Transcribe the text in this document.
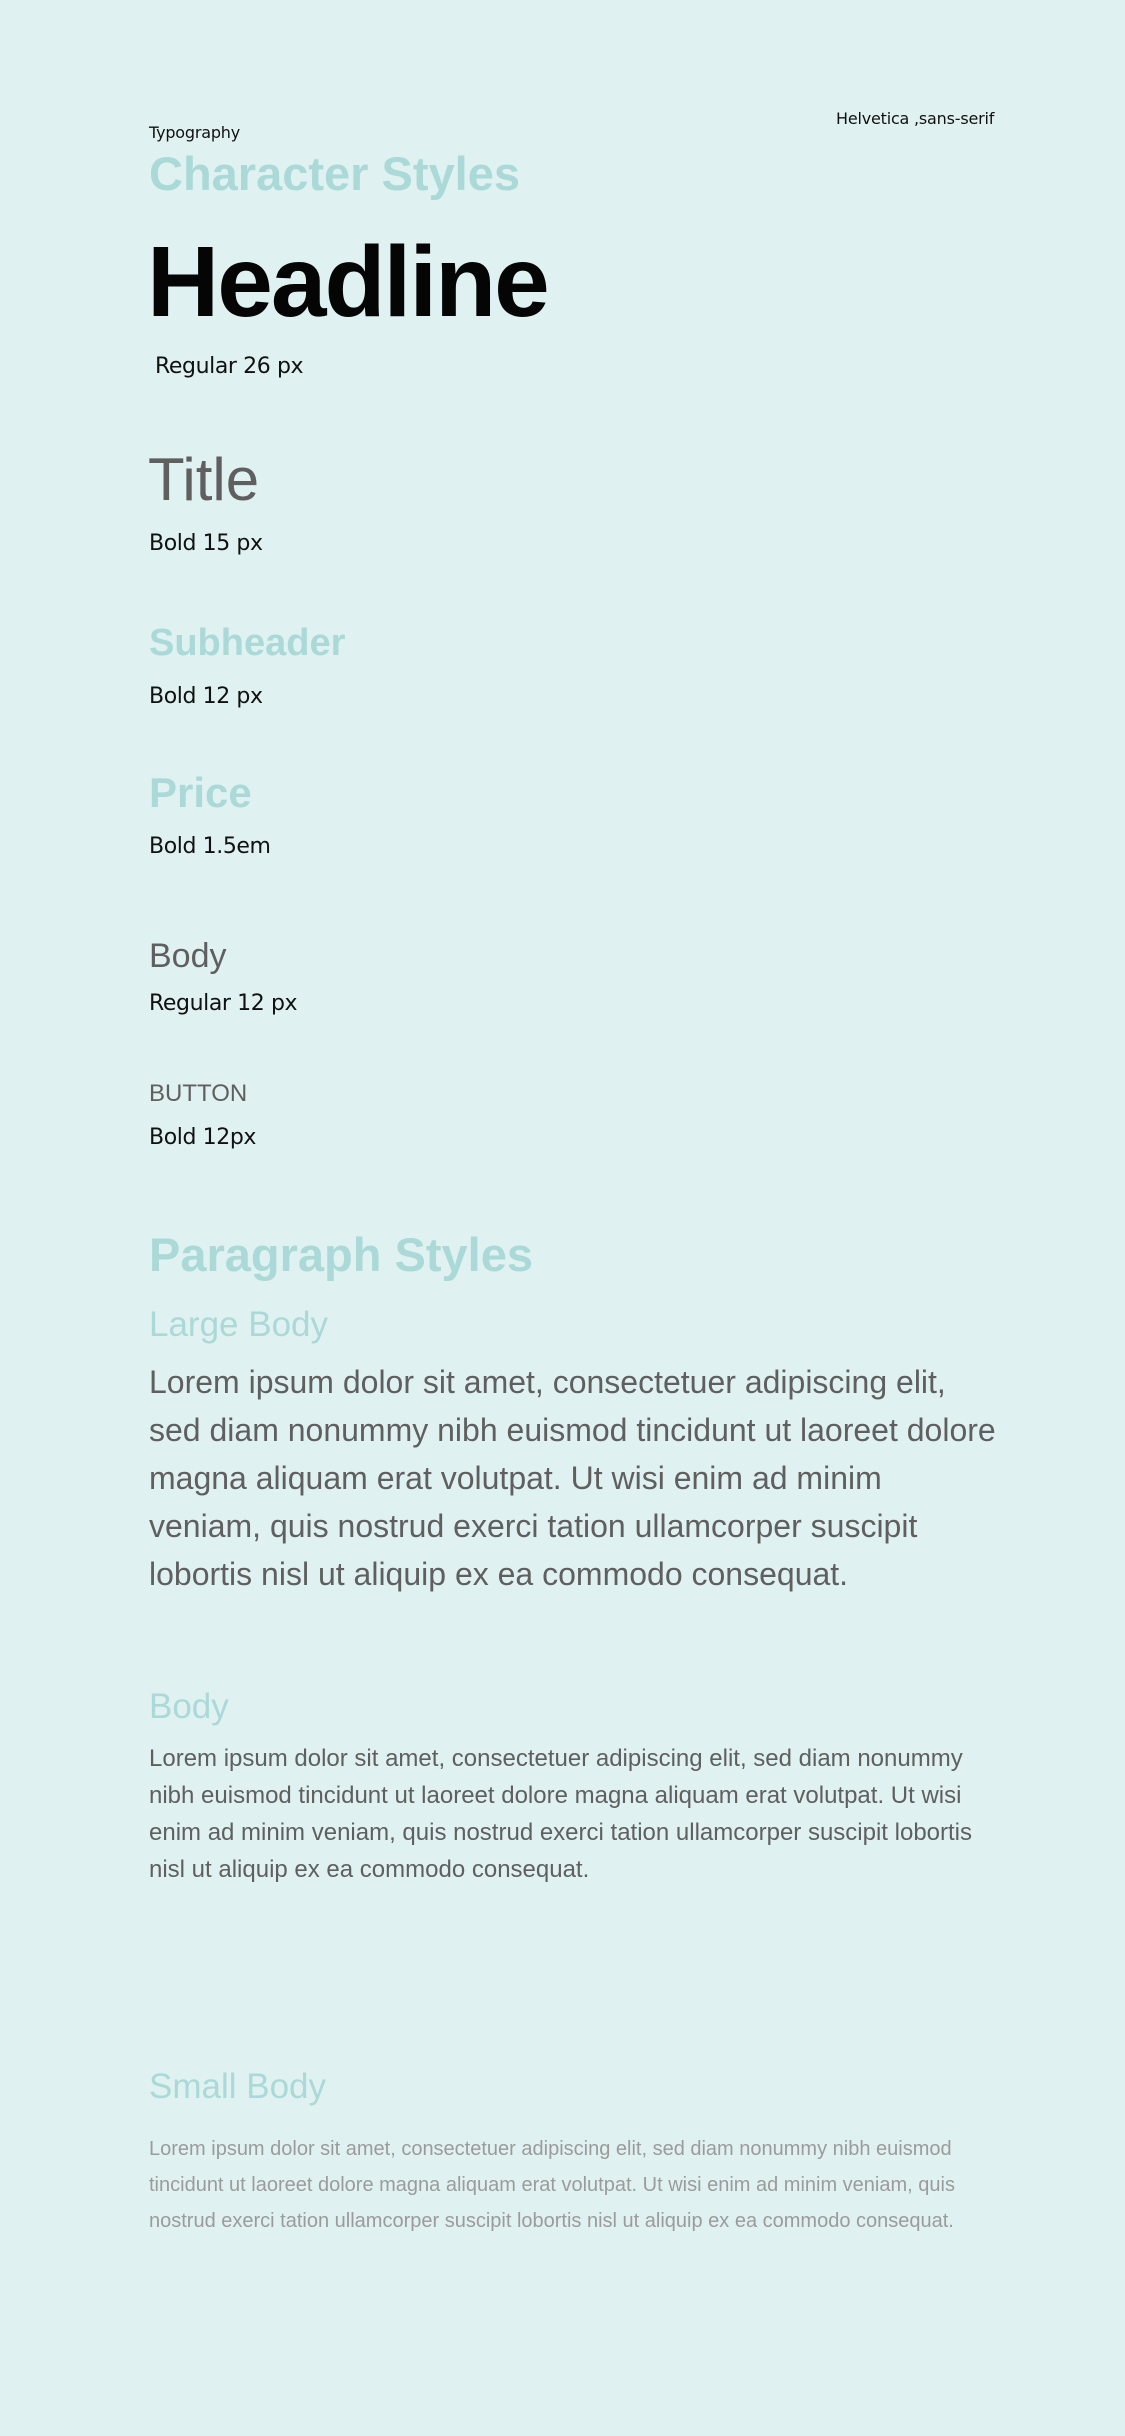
Typography

Helvetica ,sans-serif

Character Styles

Headline

Regular 26 px

Title

Bold 15 px

Subheader

Bold 12 px

Price

Bold 1.5em

Body

Regular 12 px

BUTTON

Bold 12px

Paragraph Styles

Large Body

Lorem ipsum dolor sit amet, consectetuer adipiscing elit, sed diam nonummy nibh euismod tincidunt ut laoreet dolore magna aliquam erat volutpat. Ut wisi enim ad minim veniam, quis nostrud exerci tation ullamcorper suscipit lobortis nisl ut aliquip ex ea commodo consequat.

Body

Lorem ipsum dolor sit amet, consectetuer adipiscing elit, sed diam nonummy nibh euismod tincidunt ut laoreet dolore magna aliquam erat volutpat. Ut wisi enim ad minim veniam, quis nostrud exerci tation ullamcorper suscipit lobortis nisl ut aliquip ex ea commodo consequat.

Small Body

Lorem ipsum dolor sit amet, consectetuer adipiscing elit, sed diam nonummy nibh euismod tincidunt ut laoreet dolore magna aliquam erat volutpat. Ut wisi enim ad minim veniam, quis nostrud exerci tation ullamcorper suscipit lobortis nisl ut aliquip ex ea commodo consequat.
